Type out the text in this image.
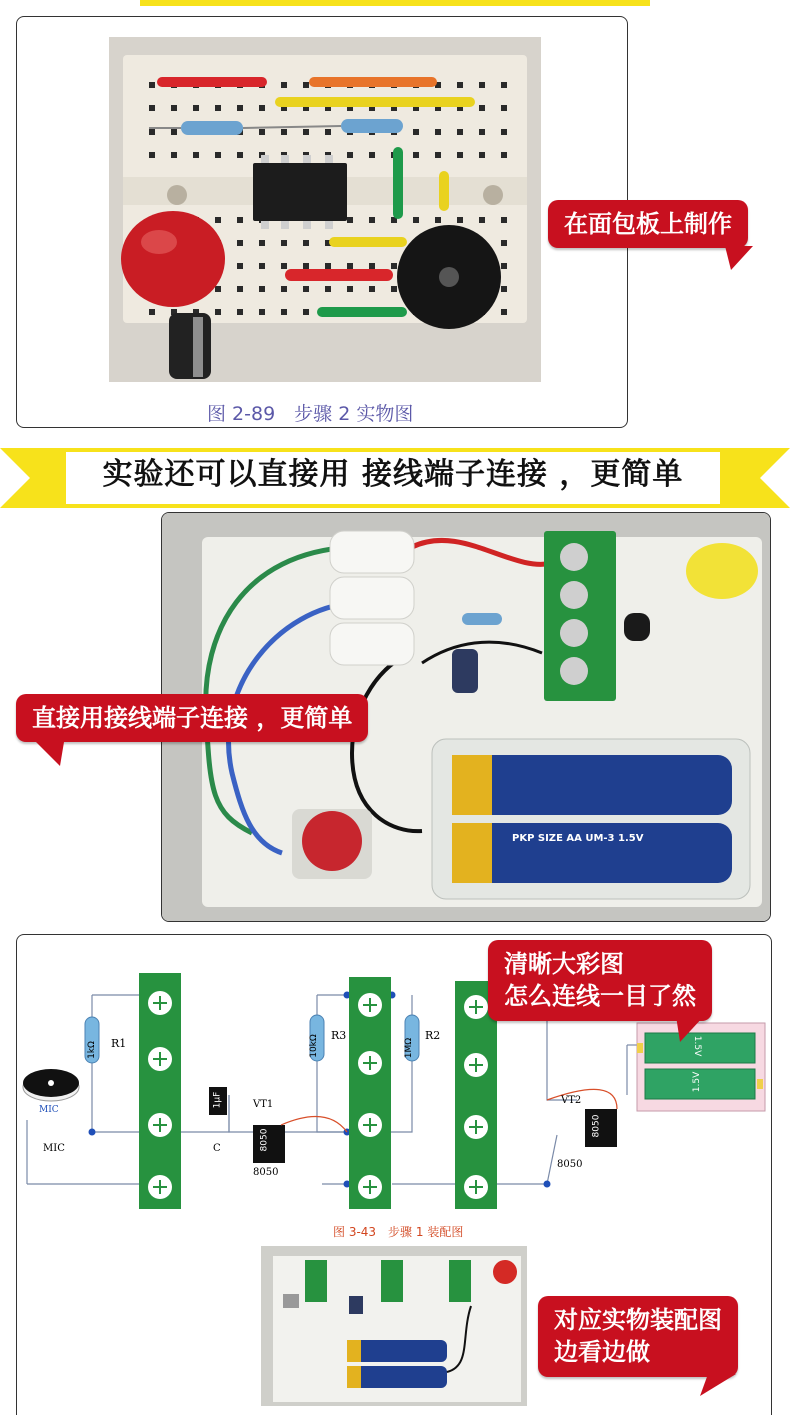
图 2-89　步骤 2 实物图
在面包板上制作
实验还可以直接用 接线端子连接 ，更简单
PKP SIZE AA UM-3 1.5V
直接用接线端子连接 ，更简单
R1
1kΩ
R3
10kΩ	R2
1MΩ
MIC
MIC
1μF
C
VT1
8050
8050
VT2
8050
8050
1.5V
1.5V
图 3-43　步骤 1 装配图
清晰大彩图
怎么连线一目了然
对应实物装配图
边看边做
